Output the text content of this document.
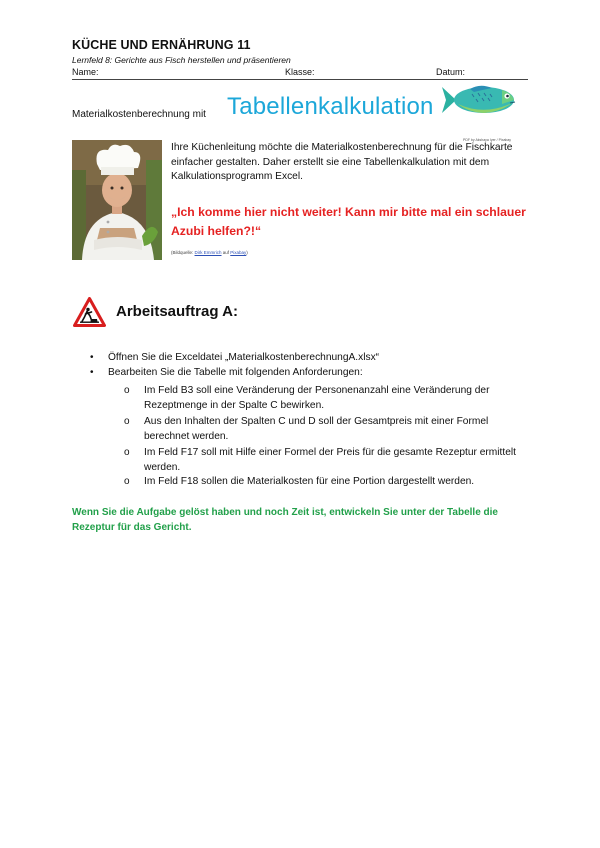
KÜCHE UND ERNÄHRUNG 11
Lernfeld 8: Gerichte aus Fisch herstellen und präsentieren
Name:	Klasse:	Datum:
Materialkostenberechnung mit Tabellenkalkulation
PDF by Akshaya Iyer / Pixabay
Ihre Küchenleitung möchte die Materialkostenberechnung für die Fischkarte einfacher gestalten. Daher erstellt sie eine Tabellenkalkulation mit dem Kalkulationsprogramm Excel.
„Ich komme hier nicht weiter! Kann mir bitte mal ein schlauer Azubi helfen?!“
(Bildquelle: Dirk Emmrich auf Pixabay)
Arbeitsauftrag A:
• Öffnen Sie die Exceldatei „MaterialkostenberechnungA.xlsx“
• Bearbeiten Sie die Tabelle mit folgenden Anforderungen:
o Im Feld B3 soll eine Veränderung der Personenanzahl eine Veränderung der Rezeptmenge in der Spalte C bewirken.
o Aus den Inhalten der Spalten C und D soll der Gesamtpreis mit einer Formel berechnet werden.
o Im Feld F17 soll mit Hilfe einer Formel der Preis für die gesamte Rezeptur ermittelt werden.
o Im Feld F18 sollen die Materialkosten für eine Portion dargestellt werden.
Wenn Sie die Aufgabe gelöst haben und noch Zeit ist, entwickeln Sie unter der Tabelle die Rezeptur für das Gericht.
